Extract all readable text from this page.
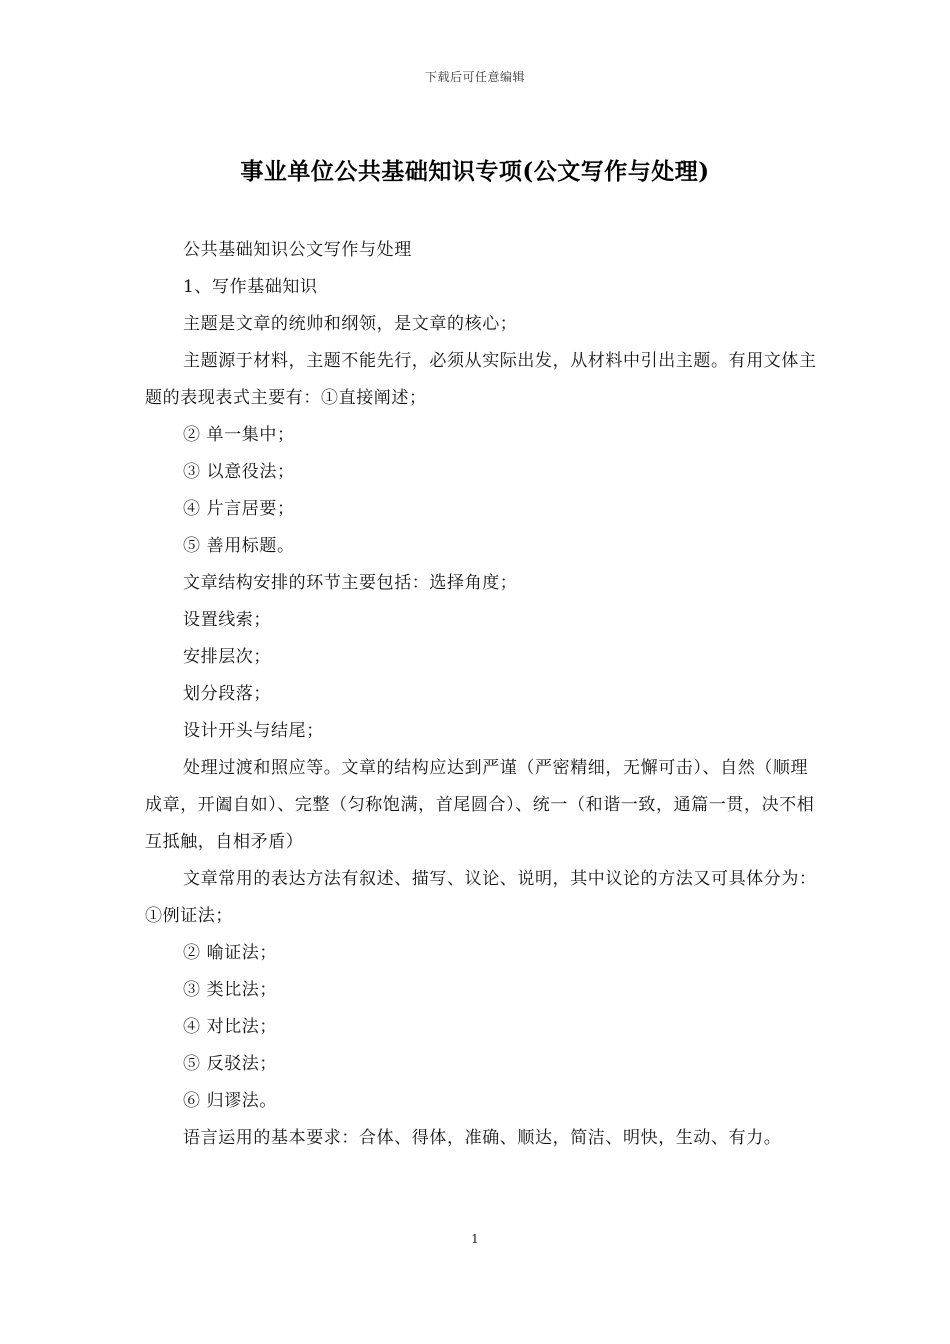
下载后可任意编辑
事业单位公共基础知识专项(公文写作与处理)

公共基础知识公文写作与处理

1、写作基础知识

主题是文章的统帅和纲领，是文章的核心；

主题源于材料，主题不能先行，必须从实际出发，从材料中引出主题。有用文体主题的表现表式主要有：①直接阐述；

② 单一集中；

③ 以意役法；

④ 片言居要；

⑤ 善用标题。

文章结构安排的环节主要包括：选择角度；

设置线索；

安排层次；

划分段落；

设计开头与结尾；

处理过渡和照应等。文章的结构应达到严谨（严密精细，无懈可击）、自然（顺理成章，开阖自如）、完整（匀称饱满，首尾圆合）、统一（和谐一致，通篇一贯，决不相互抵触，自相矛盾）

文章常用的表达方法有叙述、描写、议论、说明，其中议论的方法又可具体分为：①例证法；

② 喻证法；

③ 类比法；

④ 对比法；

⑤ 反驳法；

⑥ 归谬法。

语言运用的基本要求：合体、得体，准确、顺达，简洁、明快，生动、有力。

1
